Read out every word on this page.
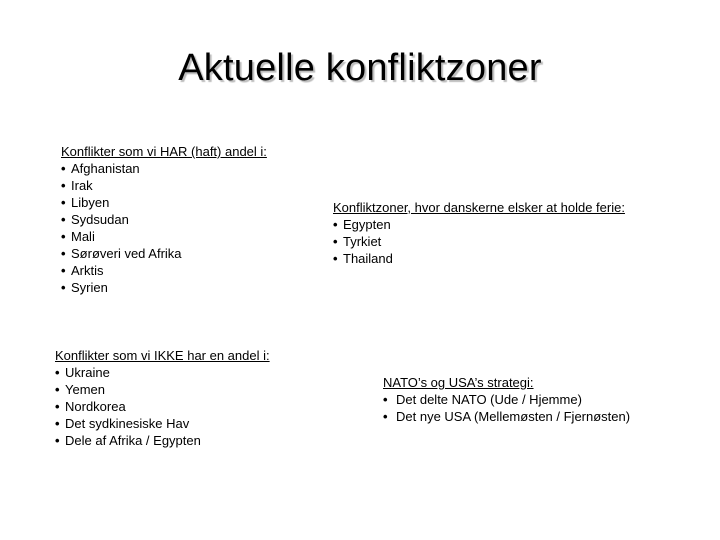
Aktuelle konfliktzoner
Konflikter som vi HAR (haft) andel i:
• Afghanistan
• Irak
• Libyen
• Sydsudan
• Mali
• Sørøveri ved Afrika
• Arktis
• Syrien
Konfliktzoner, hvor danskerne elsker at holde ferie:
• Egypten
• Tyrkiet
• Thailand
Konflikter som vi IKKE har en andel i:
• Ukraine
• Yemen
• Nordkorea
• Det sydkinesiske Hav
• Dele af Afrika / Egypten
NATO’s og USA’s strategi:
• Det delte NATO (Ude / Hjemme)
• Det nye USA (Mellemøsten / Fjernøsten)
